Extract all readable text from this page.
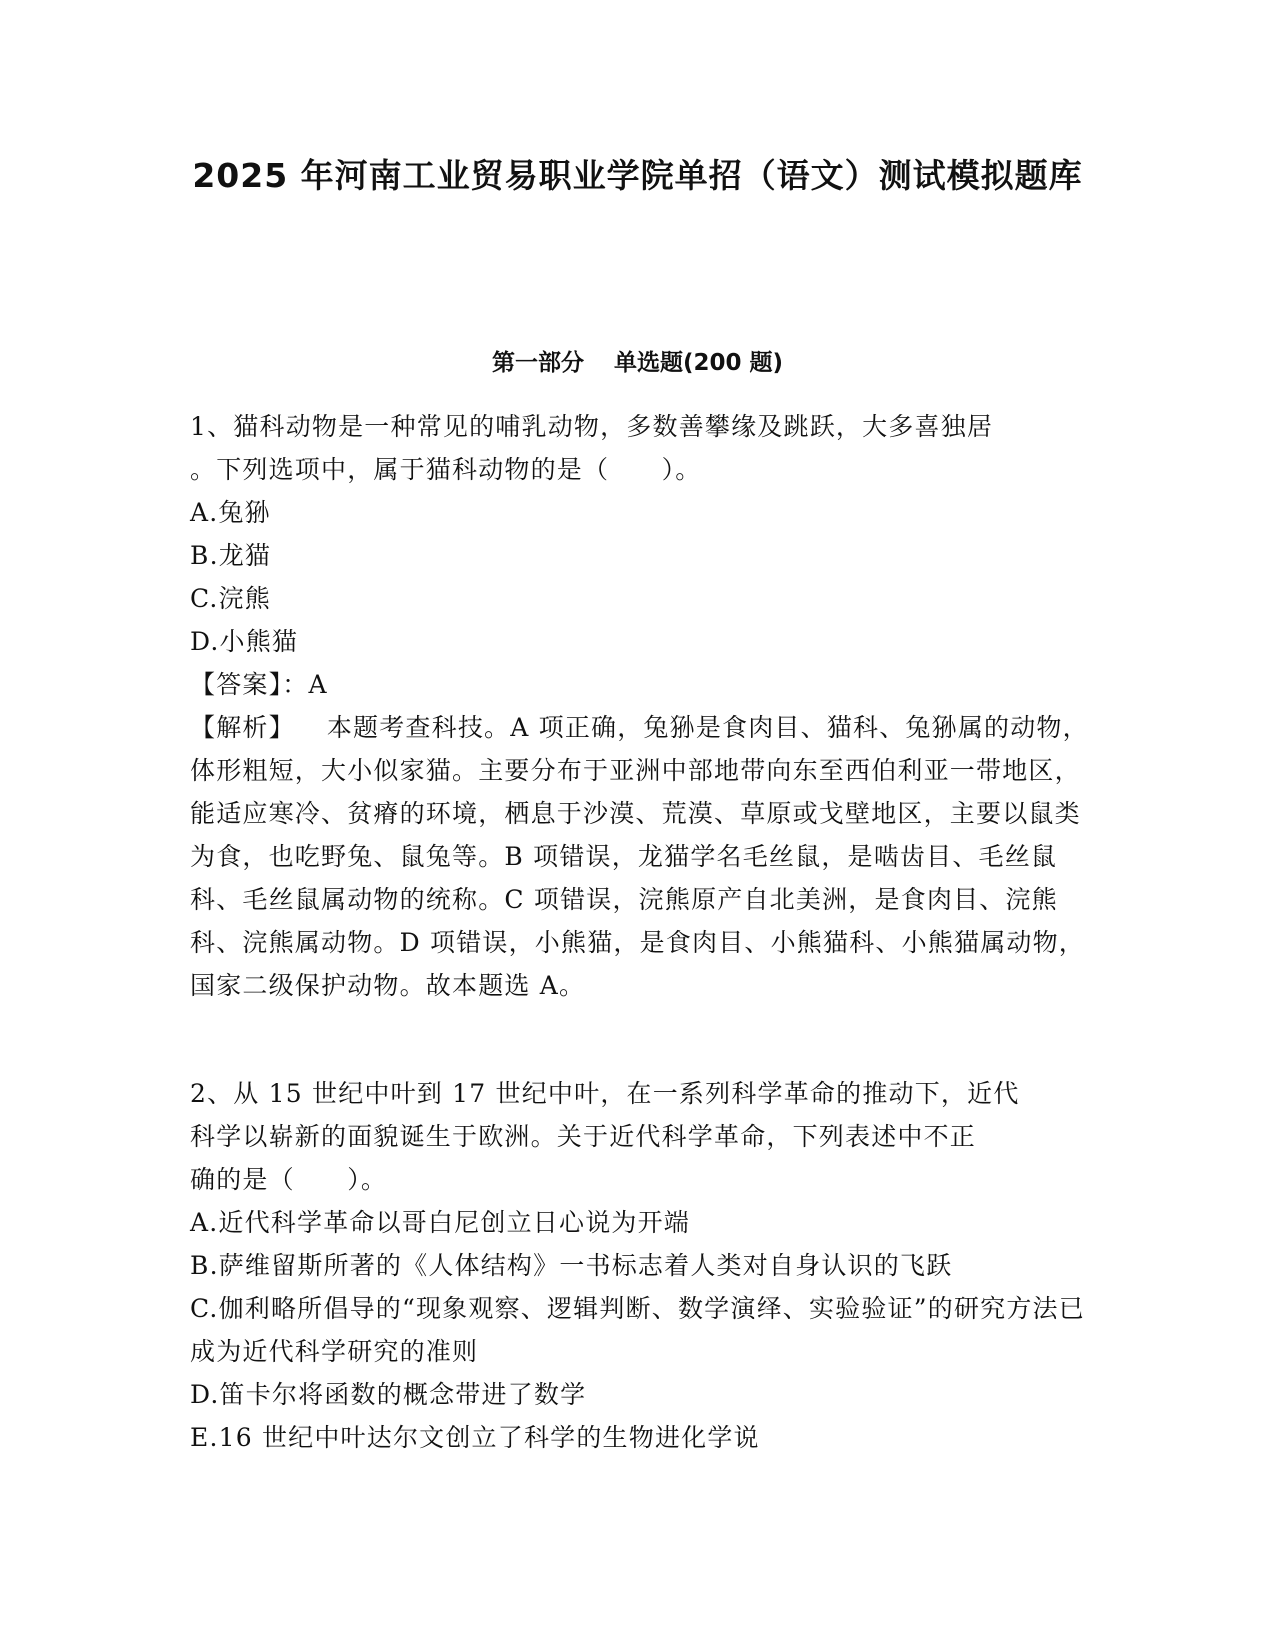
2025 年河南工业贸易职业学院单招（语文）测试模拟题库
第一部分 单选题(200 题)

1、猫科动物是一种常见的哺乳动物，多数善攀缘及跳跃，大多喜独居

。下列选项中，属于猫科动物的是（　　）。

A.兔狲

B.龙猫

C.浣熊

D.小熊猫

【答案】：A

【解析】 本题考查科技。A 项正确，兔狲是食肉目、猫科、兔狲属的动物，体形粗短，大小似家猫。主要分布于亚洲中部地带向东至西伯利亚一带地区，能适应寒冷、贫瘠的环境，栖息于沙漠、荒漠、草原或戈壁地区，主要以鼠类为食，也吃野兔、鼠兔等。B 项错误，龙猫学名毛丝鼠，是啮齿目、毛丝鼠科、毛丝鼠属动物的统称。C 项错误，浣熊原产自北美洲，是食肉目、浣熊科、浣熊属动物。D 项错误，小熊猫，是食肉目、小熊猫科、小熊猫属动物，国家二级保护动物。故本题选 A。

2、从 15 世纪中叶到 17 世纪中叶，在一系列科学革命的推动下，近代

科学以崭新的面貌诞生于欧洲。关于近代科学革命，下列表述中不正

确的是（　　）。

A.近代科学革命以哥白尼创立日心说为开端

B.萨维留斯所著的《人体结构》一书标志着人类对自身认识的飞跃

C.伽利略所倡导的“现象观察、逻辑判断、数学演绎、实验验证”的研究方法已成为近代科学研究的准则

D.笛卡尔将函数的概念带进了数学

E.16 世纪中叶达尔文创立了科学的生物进化学说
